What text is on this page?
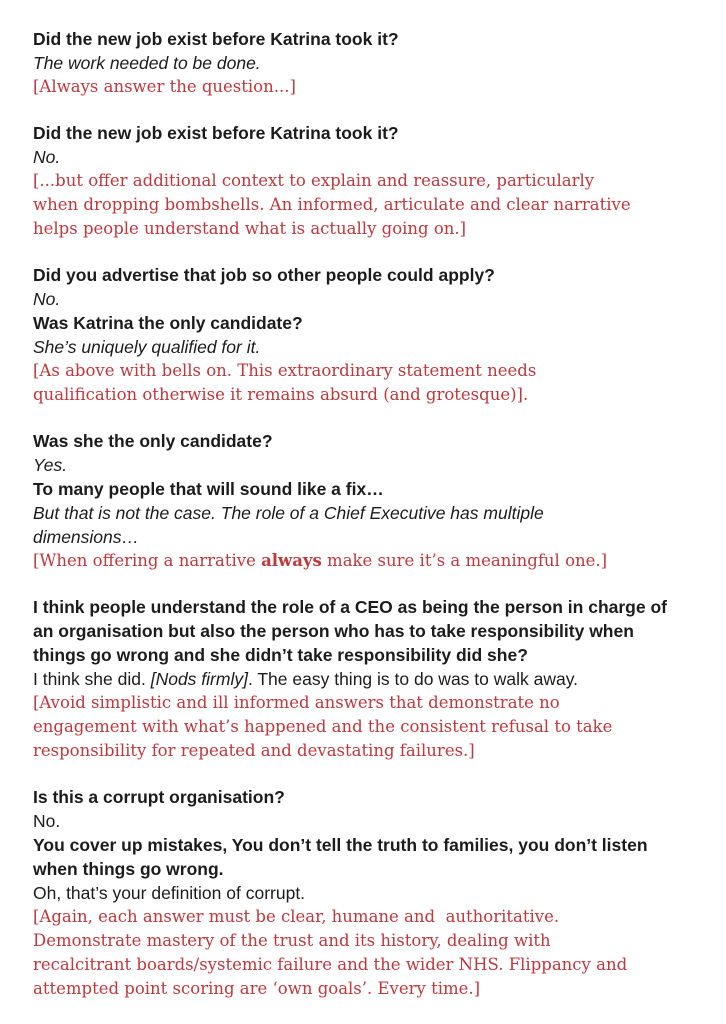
Did the new job exist before Katrina took it?

The work needed to be done.

[Always answer the question...]

Did the new job exist before Katrina took it?

No.

[...but offer additional context to explain and reassure, particularly

when dropping bombshells. An informed, articulate and clear narrative

helps people understand what is actually going on.]

Did you advertise that job so other people could apply?

No.

Was Katrina the only candidate?

She’s uniquely qualified for it.

[As above with bells on. This extraordinary statement needs

qualification otherwise it remains absurd (and grotesque)].

Was she the only candidate?

Yes.

To many people that will sound like a fix…

But that is not the case. The role of a Chief Executive has multiple

dimensions…

[When offering a narrative always make sure it’s a meaningful one.]

I think people understand the role of a CEO as being the person in charge of

an organisation but also the person who has to take responsibility when

things go wrong and she didn’t take responsibility did she?

I think she did. [Nods firmly]. The easy thing is to do was to walk away.

[Avoid simplistic and ill informed answers that demonstrate no

engagement with what’s happened and the consistent refusal to take

responsibility for repeated and devastating failures.]

Is this a corrupt organisation?

No.

You cover up mistakes, You don’t tell the truth to families, you don’t listen

when things go wrong.

Oh, that’s your definition of corrupt.

[Again, each answer must be clear, humane and  authoritative.

Demonstrate mastery of the trust and its history, dealing with

recalcitrant boards/systemic failure and the wider NHS. Flippancy and

attempted point scoring are ‘own goals’. Every time.]
